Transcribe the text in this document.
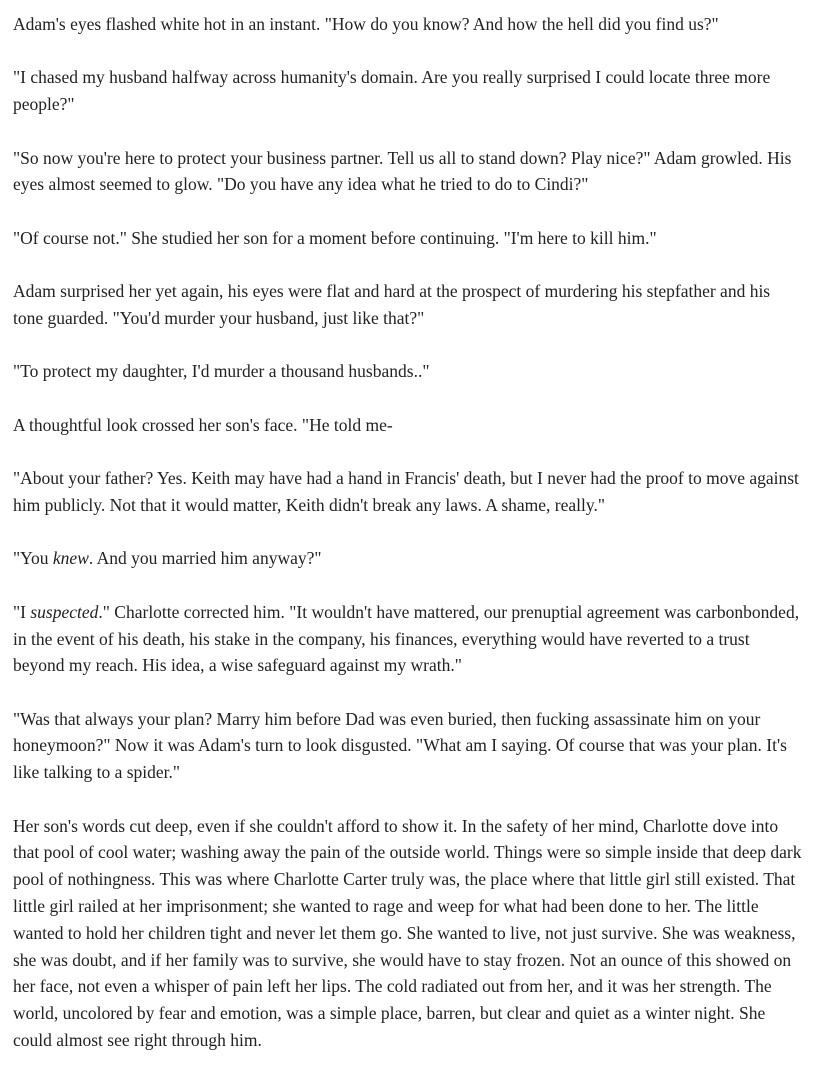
Adam's eyes flashed white hot in an instant. "How do you know? And how the hell did you find us?"

"I chased my husband halfway across humanity's domain. Are you really surprised I could locate three more people?"

"So now you're here to protect your business partner. Tell us all to stand down? Play nice?" Adam growled. His eyes almost seemed to glow. "Do you have any idea what he tried to do to Cindi?"

"Of course not." She studied her son for a moment before continuing. "I'm here to kill him."

Adam surprised her yet again, his eyes were flat and hard at the prospect of murdering his stepfather and his tone guarded. "You'd murder your husband, just like that?"

"To protect my daughter, I'd murder a thousand husbands.."

A thoughtful look crossed her son's face. "He told me-

"About your father? Yes. Keith may have had a hand in Francis' death, but I never had the proof to move against him publicly. Not that it would matter, Keith didn't break any laws. A shame, really."

"You knew. And you married him anyway?"

"I suspected." Charlotte corrected him. "It wouldn't have mattered, our prenuptial agreement was carbonbonded, in the event of his death, his stake in the company, his finances, everything would have reverted to a trust beyond my reach. His idea, a wise safeguard against my wrath."

"Was that always your plan? Marry him before Dad was even buried, then fucking assassinate him on your honeymoon?" Now it was Adam's turn to look disgusted. "What am I saying. Of course that was your plan. It's like talking to a spider."

Her son's words cut deep, even if she couldn't afford to show it. In the safety of her mind, Charlotte dove into that pool of cool water; washing away the pain of the outside world. Things were so simple inside that deep dark pool of nothingness. This was where Charlotte Carter truly was, the place where that little girl still existed. That little girl railed at her imprisonment; she wanted to rage and weep for what had been done to her. The little wanted to hold her children tight and never let them go. She wanted to live, not just survive. She was weakness, she was doubt, and if her family was to survive, she would have to stay frozen. Not an ounce of this showed on her face, not even a whisper of pain left her lips. The cold radiated out from her, and it was her strength. The world, uncolored by fear and emotion, was a simple place, barren, but clear and quiet as a winter night. She could almost see right through him.
